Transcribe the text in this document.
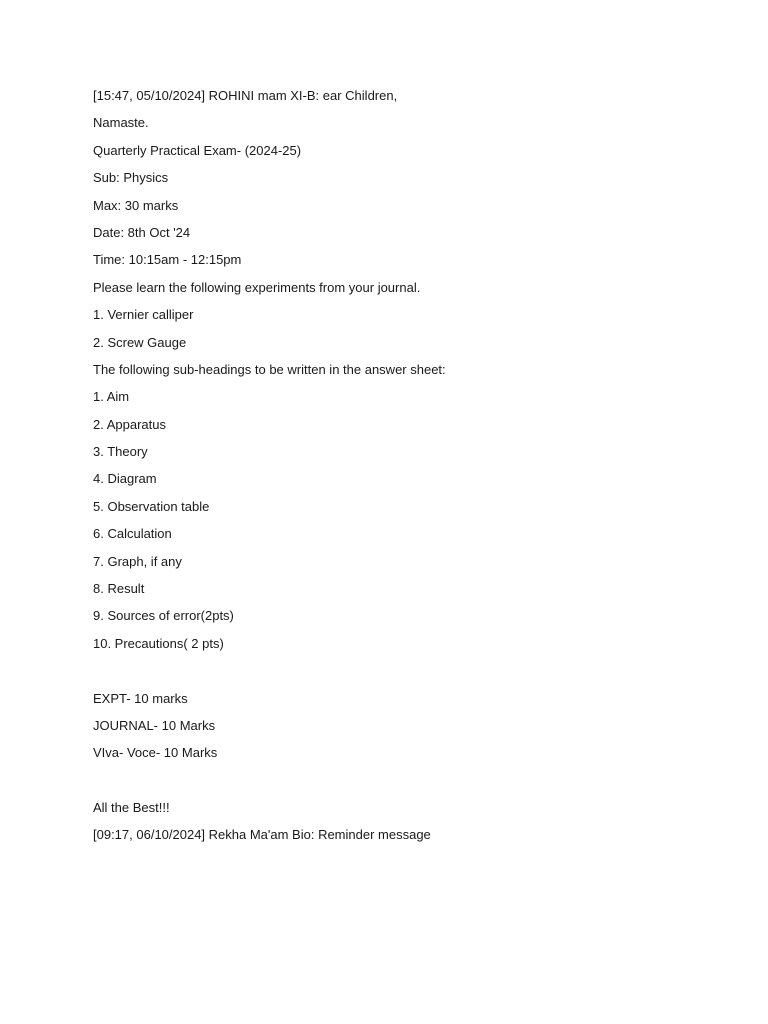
[15:47, 05/10/2024] ROHINI mam XI-B: ear Children,
Namaste.
Quarterly Practical Exam- (2024-25)
Sub: Physics
Max: 30 marks
Date: 8th Oct '24
Time: 10:15am - 12:15pm
Please learn the following experiments from your journal.
1. Vernier calliper
2. Screw Gauge
The following sub-headings to be written in the answer sheet:
1. Aim
2. Apparatus
3. Theory
4. Diagram
5. Observation table
6. Calculation
7. Graph, if any
8. Result
9. Sources of error(2pts)
10. Precautions( 2 pts)
EXPT- 10 marks
JOURNAL- 10 Marks
VIva- Voce- 10 Marks
All the Best!!!
[09:17, 06/10/2024] Rekha Ma'am Bio: Reminder message
